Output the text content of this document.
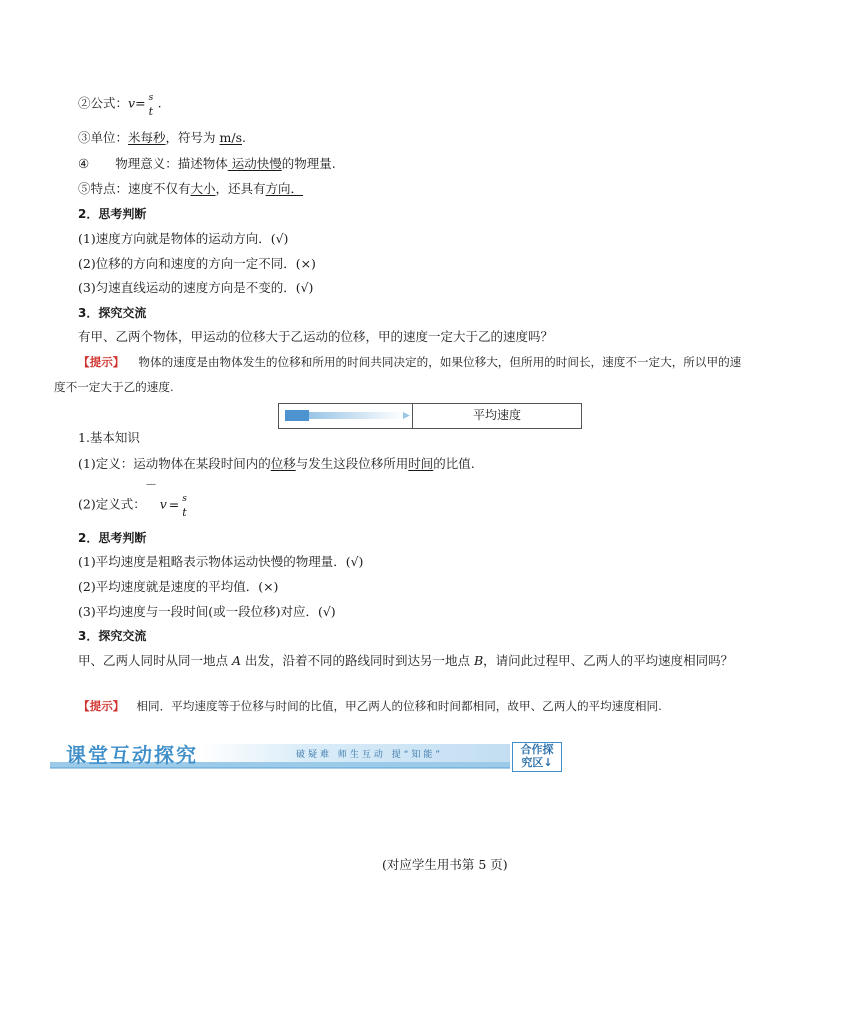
②公式：v= s
t
.
③单位：米每秒，符号为 m/s.
④ 物理意义：描述物体 运动快慢的物理量.
⑤特点：速度不仅有大小，还具有方向．
2．思考判断
(1)速度方向就是物体的运动方向．(√)
(2)位移的方向和速度的方向一定不同．(×)
(3)匀速直线运动的速度方向是不变的．(√)
3．探究交流
有甲、乙两个物体，甲运动的位移大于乙运动的位移，甲的速度一定大于乙的速度吗？
【提示】 物体的速度是由物体发生的位移和所用的时间共同决定的，如果位移大，但所用的时间长，速度不一定大，所以甲的速
度不一定大于乙的速度.
平均速度
1.基本知识
(1)定义：运动物体在某段时间内的位移与发生这段位移所用时间的比值.
—
(2)定义式： v = s
t
2．思考判断
(1)平均速度是粗略表示物体运动快慢的物理量．(√)
(2)平均速度就是速度的平均值．(×)
(3)平均速度与一段时间(或一段位移)对应．(√)
3．探究交流
甲、乙两人同时从同一地点 A 出发，沿着不同的路线同时到达另一地点 B，请问此过程甲、乙两人的平均速度相同吗？
【提示】 相同．平均速度等于位移与时间的比值，甲乙两人的位移和时间都相同，故甲、乙两人的平均速度相同.
课堂互动探究	破疑难 师生互动 提“知能”	合作探
究区↓
(对应学生用书第 5 页)
